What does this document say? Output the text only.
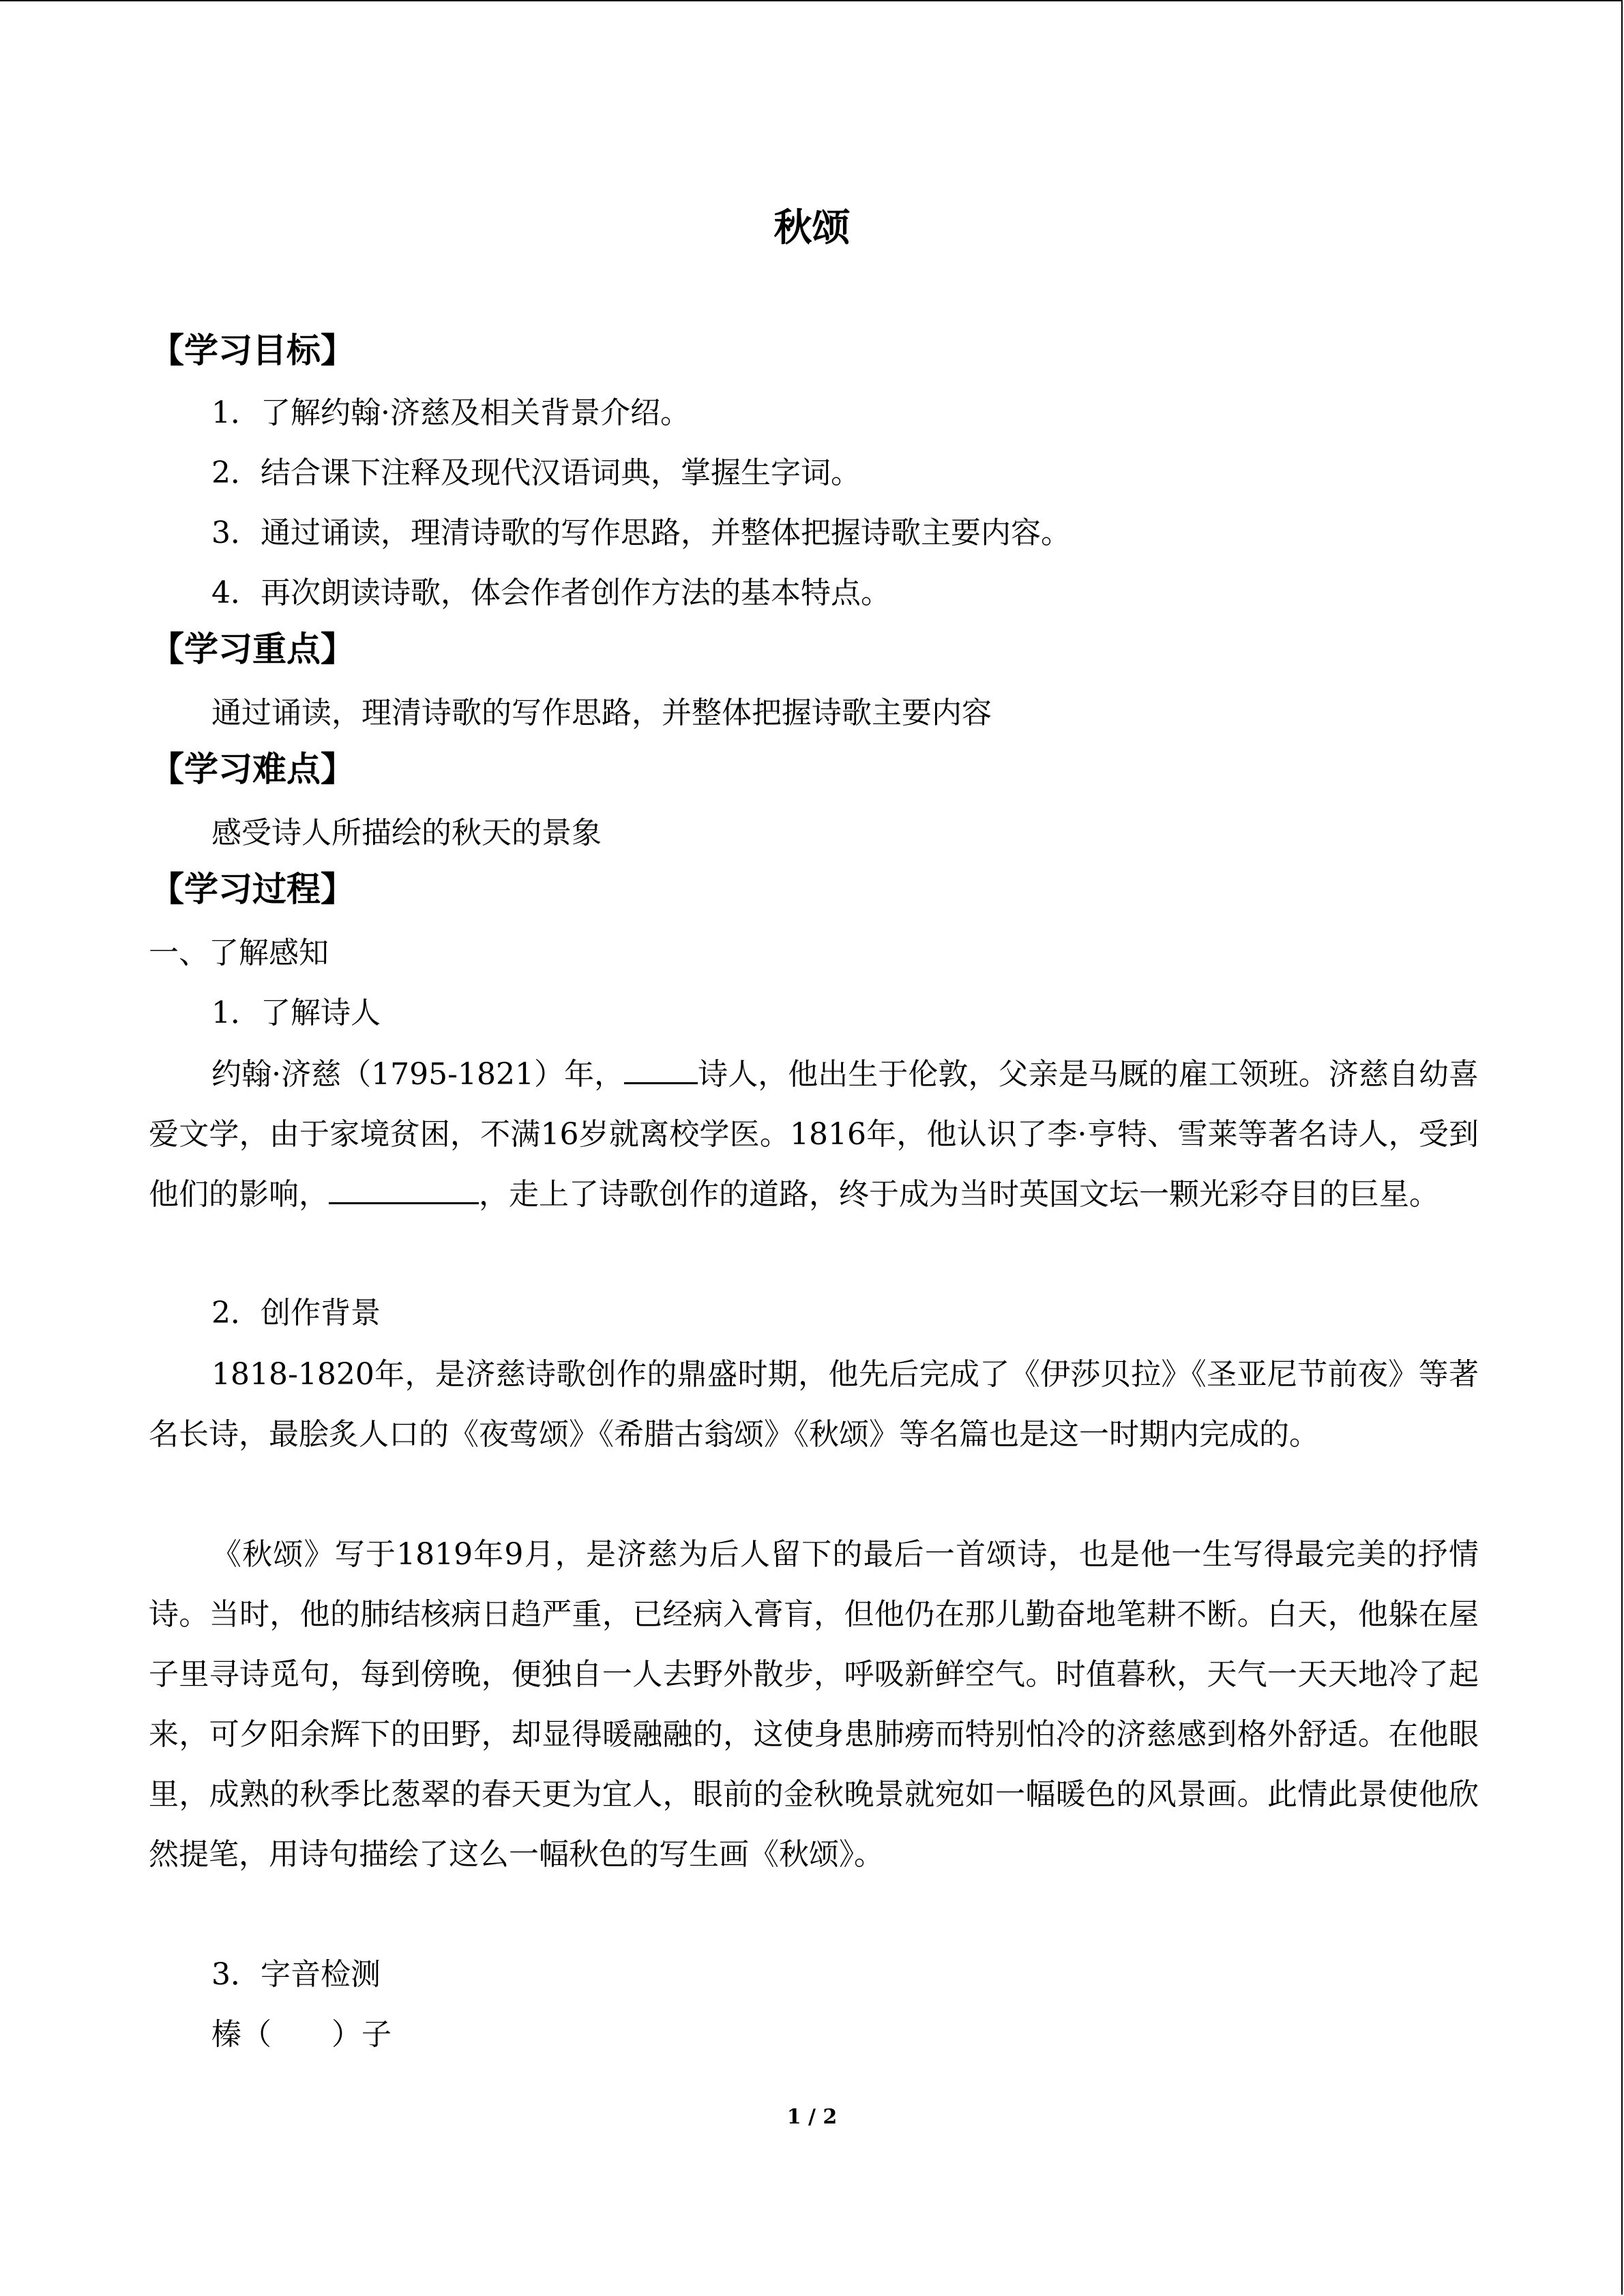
秋颂
【学习目标】
1．了解约翰·济慈及相关背景介绍。
2．结合课下注释及现代汉语词典，掌握生字词。
3．通过诵读，理清诗歌的写作思路，并整体把握诗歌主要内容。
4．再次朗读诗歌，体会作者创作方法的基本特点。
【学习重点】
通过诵读，理清诗歌的写作思路，并整体把握诗歌主要内容
【学习难点】
感受诗人所描绘的秋天的景象
【学习过程】
一、了解感知
1．了解诗人

约翰·济慈（1795-1821）年， 诗人，他出生于伦敦，父亲是马厩的雇工领班。济慈自幼喜爱文学，由于家境贫困，不满16岁就离校学医。1816年，他认识了李·亨特、雪莱等著名诗人，受到他们的影响，	，走上了诗歌创作的道路，终于成为当时英国文坛一颗光彩夺目的巨星。

2．创作背景

1818-1820年，是济慈诗歌创作的鼎盛时期，他先后完成了《伊莎贝拉》《圣亚尼节前夜》等著名长诗，最脍炙人口的《夜莺颂》《希腊古翁颂》《秋颂》等名篇也是这一时期内完成的。

《秋颂》写于1819年9月，是济慈为后人留下的最后一首颂诗，也是他一生写得最完美的抒情诗。当时，他的肺结核病日趋严重，已经病入膏肓，但他仍在那儿勤奋地笔耕不断。白天，他躲在屋子里寻诗觅句，每到傍晚，便独自一人去野外散步，呼吸新鲜空气。时值暮秋，天气一天天地冷了起来，可夕阳余辉下的田野，却显得暖融融的，这使身患肺痨而特别怕冷的济慈感到格外舒适。在他眼里，成熟的秋季比葱翠的春天更为宜人，眼前的金秋晚景就宛如一幅暖色的风景画。此情此景使他欣然提笔，用诗句描绘了这么一幅秋色的写生画《秋颂》。

3．字音检测
榛（　　）子
1 / 2
